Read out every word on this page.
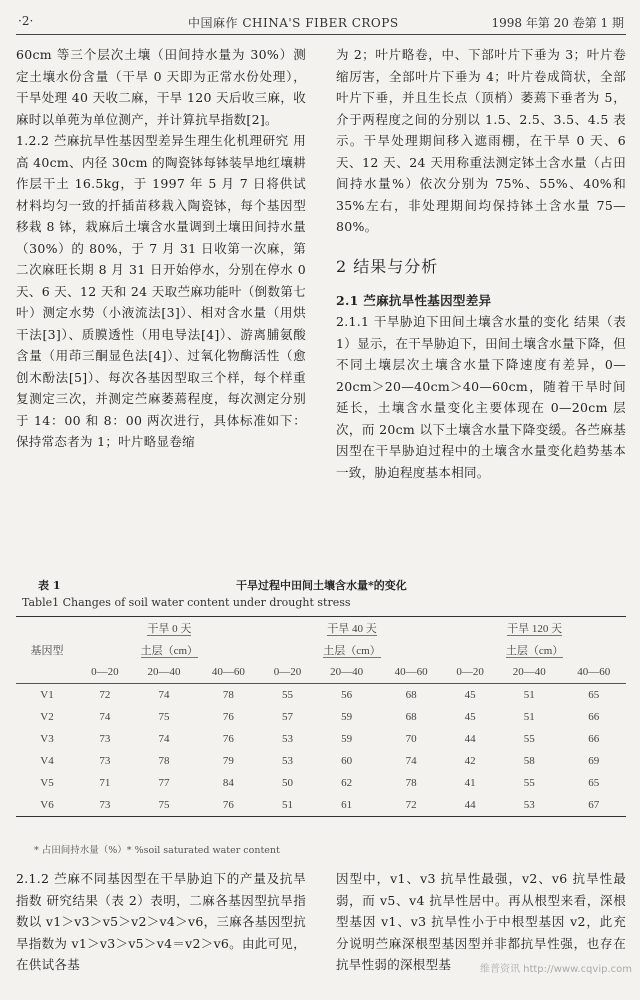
·2·	中国麻作 CHINA'S FIBER CROPS	1998 年第 20 卷第 1 期

60cm 等三个层次土壤（田间持水量为 30%）测定土壤水份含量（干旱 0 天即为正常水份处理），干旱处理 40 天收二麻，干旱 120 天后收三麻，收麻时以单蔸为单位测产，并计算抗旱指数[2]。

1.2.2 苎麻抗旱性基因型差异生理生化机理研究 用高 40cm、内径 30cm 的陶瓷钵每钵装旱地红壤耕作层干土 16.5kg，于 1997 年 5 月 7 日将供试材料均匀一致的扦插苗移栽入陶瓷钵，每个基因型移栽 8 钵，栽麻后土壤含水量调到土壤田间持水量（30%）的 80%，于 7 月 31 日收第一次麻，第二次麻旺长期 8 月 31 日开始停水，分别在停水 0 天、6 天、12 天和 24 天取苎麻功能叶（倒数第七叶）测定水势（小液流法[3]）、相对含水量（用烘干法[3]）、质膜透性（用电导法[4]）、游离脯氨酸含量（用茚三酮显色法[4]）、过氧化物酶活性（愈创木酚法[5]）、每次各基因型取三个样，每个样重复测定三次，并测定苎麻萎蔫程度，每次测定分别于 14：00 和 8：00 两次进行，具体标准如下：保持常态者为 1；叶片略显卷缩

为 2；叶片略卷，中、下部叶片下垂为 3；叶片卷缩厉害，全部叶片下垂为 4；叶片卷成筒状，全部叶片下垂，并且生长点（顶梢）萎蔫下垂者为 5，介于两程度之间的分别以 1.5、2.5、3.5、4.5 表示。干旱处理期间移入遮雨棚，在干旱 0 天、6 天、12 天、24 天用称重法测定钵土含水量（占田间持水量%）依次分别为 75%、55%、40%和 35%左右，非处理期间均保持钵土含水量 75—80%。

2 结果与分析

2.1 苎麻抗旱性基因型差异

2.1.1 干旱胁迫下田间土壤含水量的变化 结果（表 1）显示，在干旱胁迫下，田间土壤含水量下降，但不同土壤层次土壤含水量下降速度有差异，0—20cm＞20—40cm＞40—60cm，随着干旱时间延长，土壤含水量变化主要体现在 0—20cm 层次，而 20cm 以下土壤含水量下降变缓。各苎麻基因型在干旱胁迫过程中的土壤含水量变化趋势基本一致，胁迫程度基本相同。

表 1	干旱过程中田间土壤含水量*的变化
Table1 Changes of soil water content under drought stress
基因型	干旱 0 天			干旱 40 天			干旱 120 天		
	土层（cm）			土层（cm）			土层（cm）		
	0—20	20—40	40—60	0—20	20—40	40—60	0—20	20—40	40—60
V1	72	74	78	55	56	68	45	51	65
V2	74	75	76	57	59	68	45	51	66
V3	73	74	76	53	59	70	44	55	66
V4	73	78	79	53	60	74	42	58	69
V5	71	77	84	50	62	78	41	55	65
V6	73	75	76	51	61	72	44	53	67
* 占田间持水量（%）* %soil saturated water content

2.1.2 苎麻不同基因型在干旱胁迫下的产量及抗旱指数 研究结果（表 2）表明，二麻各基因型抗旱指数以 v1＞v3＞v5＞v2＞v4＞v6，三麻各基因型抗旱指数为 v1＞v3＞v5＞v4＝v2＞v6。由此可见，在供试各基

因型中，v1、v3 抗旱性最强，v2、v6 抗旱性最弱，而 v5、v4 抗旱性居中。再从根型来看，深根型基因 v1、v3 抗旱性小于中根型基因 v2，此充分说明苎麻深根型基因型并非都抗旱性强，也存在抗旱性弱的深根型基	维普资讯 http://www.cqvip.com
